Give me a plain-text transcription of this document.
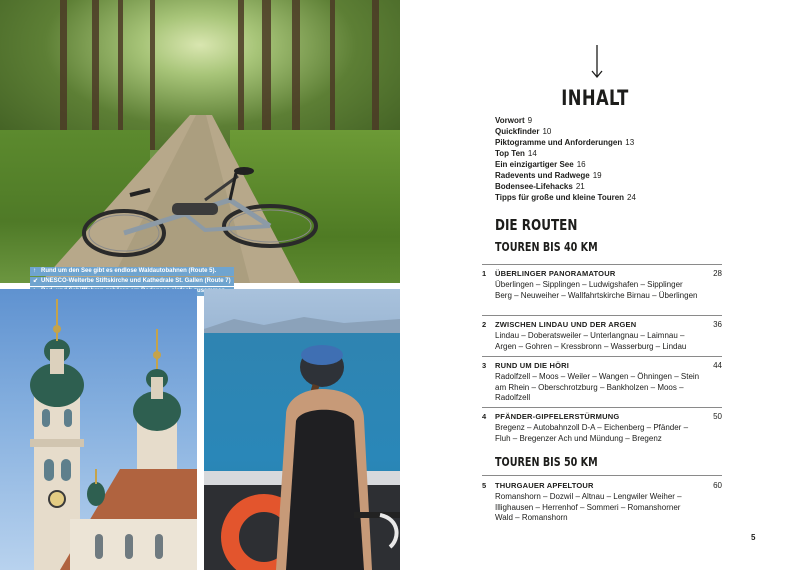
↑ Rund um den See gibt es endlose Waldautobahnen (Route 5).
↙ UNESCO-Welterbe Stiftskirche und Kathedrale St. Gallen (Route 7)
INHALT
Vorwort 9
Quickfinder 10
Piktogramme und Anforderungen 13
Top Ten 14
Ein einzigartiger See 16
Radevents und Radwege 19
Bodensee-Lifehacks 21
Tipps für große und kleine Touren 24
DIE ROUTEN
TOUREN BIS 40 KM
1 ÜBERLINGER PANORAMATOUR	28
Überlingen – Sipplingen – Ludwigshafen – Sipplinger Berg – Neuweiher – Wallfahrtskirche Birnau – Überlingen
2 ZWISCHEN LINDAU UND DER ARGEN	36
Lindau – Doberatsweiler – Unterlangnau – Laimnau – Argen – Gohren – Kressbronn – Wasserburg – Lindau
3 RUND UM DIE HÖRI	44
Radolfzell – Moos – Weiler – Wangen – Öhningen – Stein am Rhein – Oberschrotzburg – Bankholzen – Moos – Radolfzell
4 PFÄNDER-GIPFELERSTÜRMUNG	50
Bregenz – Autobahnzoll D-A – Eichenberg – Pfänder – Fluh – Bregenzer Ach und Mündung – Bregenz
TOUREN BIS 50 KM
5 THURGAUER APFELTOUR	60
Romanshorn – Dozwil – Altnau – Lengwiler Weiher – Illighausen – Herrenhof – Sommeri – Romanshorner Wald – Romanshorn
5
